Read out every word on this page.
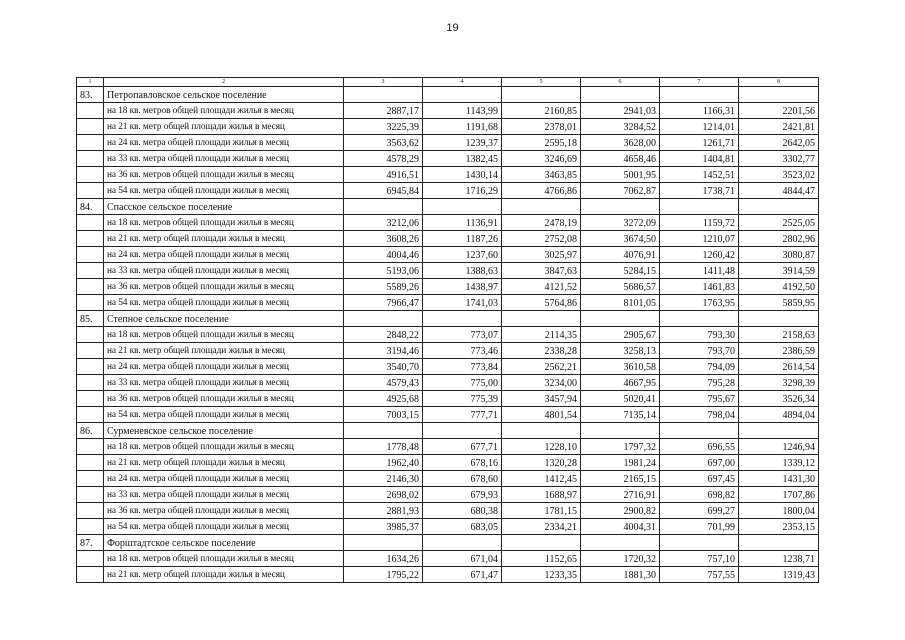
19
1	2	3	4	5	6	7	8
83.	Петропавловское сельское поселение						
	на 18 кв. метров общей площади жилья в месяц	2887,17	1143,99	2160,85	2941,03	1166,31	2201,56
	на 21 кв. метр общей площади жилья в месяц	3225,39	1191,68	2378,01	3284,52	1214,01	2421,81
	на 24 кв. метра общей площади жилья в месяц	3563,62	1239,37	2595,18	3628,00	1261,71	2642,05
	на 33 кв. метра общей площади жилья в месяц	4578,29	1382,45	3246,69	4658,46	1404,81	3302,77
	на 36 кв. метров общей площади жилья в месяц	4916,51	1430,14	3463,85	5001,95	1452,51	3523,02
	на 54 кв. метра общей площади жилья в месяц	6945,84	1716,29	4766,86	7062,87	1738,71	4844,47
84.	Спасское сельское поселение						
	на 18 кв. метров общей площади жилья в месяц	3212,06	1136,91	2478,19	3272,09	1159,72	2525,05
	на 21 кв. метр общей площади жилья в месяц	3608,26	1187,26	2752,08	3674,50	1210,07	2802,96
	на 24 кв. метра общей площади жилья в месяц	4004,46	1237,60	3025,97	4076,91	1260,42	3080,87
	на 33 кв. метра общей площади жилья в месяц	5193,06	1388,63	3847,63	5284,15	1411,48	3914,59
	на 36 кв. метров общей площади жилья в месяц	5589,26	1438,97	4121,52	5686,57	1461,83	4192,50
	на 54 кв. метра общей площади жилья в месяц	7966,47	1741,03	5764,86	8101,05	1763,95	5859,95
85.	Степное сельское поселение						
	на 18 кв. метров общей площади жилья в месяц	2848,22	773,07	2114,35	2905,67	793,30	2158,63
	на 21 кв. метр общей площади жилья в месяц	3194,46	773,46	2338,28	3258,13	793,70	2386,59
	на 24 кв. метра общей площади жилья в месяц	3540,70	773,84	2562,21	3610,58	794,09	2614,54
	на 33 кв. метра общей площади жилья в месяц	4579,43	775,00	3234,00	4667,95	795,28	3298,39
	на 36 кв. метров общей площади жилья в месяц	4925,68	775,39	3457,94	5020,41	795,67	3526,34
	на 54 кв. метра общей площади жилья в месяц	7003,15	777,71	4801,54	7135,14	798,04	4894,04
86.	Сурменевское сельское поселение						
	на 18 кв. метров общей площади жилья в месяц	1778,48	677,71	1228,10	1797,32	696,55	1246,94
	на 21 кв. метр общей площади жилья в месяц	1962,40	678,16	1320,28	1981,24	697,00	1339,12
	на 24 кв. метра общей площади жилья в месяц	2146,30	678,60	1412,45	2165,15	697,45	1431,30
	на 33 кв. метра общей площади жилья в месяц	2698,02	679,93	1688,97	2716,91	698,82	1707,86
	на 36 кв. метра общей площади жилья в месяц	2881,93	680,38	1781,15	2900,82	699,27	1800,04
	на 54 кв. метра общей площади жилья в месяц	3985,37	683,05	2334,21	4004,31	701,99	2353,15
87.	Форштадтское сельское поселение						
	на 18 кв. метров общей площади жилья в месяц	1634,26	671,04	1152,65	1720,32	757,10	1238,71
	на 21 кв. метр общей площади жилья в месяц	1795,22	671,47	1233,35	1881,30	757,55	1319,43
